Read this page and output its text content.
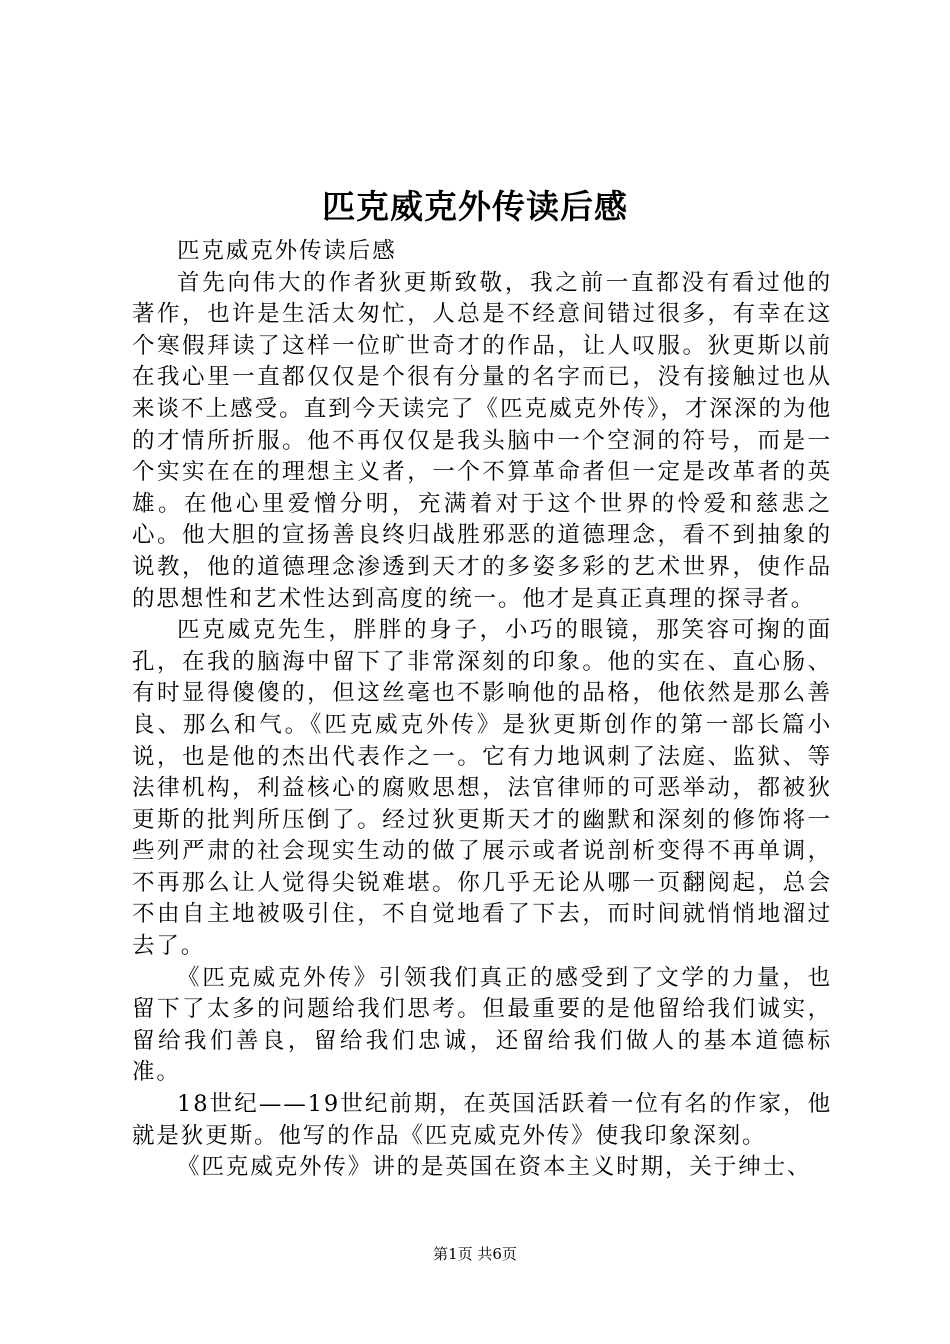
匹克威克外传读后感

匹克威克外传读后感

首先向伟大的作者狄更斯致敬，我之前一直都没有看过他的著作，也许是生活太匆忙，人总是不经意间错过很多，有幸在这个寒假拜读了这样一位旷世奇才的作品，让人叹服。狄更斯以前在我心里一直都仅仅是个很有分量的名字而已，没有接触过也从来谈不上感受。直到今天读完了《匹克威克外传》，才深深的为他的才情所折服。他不再仅仅是我头脑中一个空洞的符号，而是一个实实在在的理想主义者，一个不算革命者但一定是改革者的英雄。在他心里爱憎分明，充满着对于这个世界的怜爱和慈悲之心。他大胆的宣扬善良终归战胜邪恶的道德理念，看不到抽象的说教，他的道德理念渗透到天才的多姿多彩的艺术世界，使作品的思想性和艺术性达到高度的统一。他才是真正真理的探寻者。

匹克威克先生，胖胖的身子，小巧的眼镜，那笑容可掬的面孔，在我的脑海中留下了非常深刻的印象。他的实在、直心肠、有时显得傻傻的，但这丝毫也不影响他的品格，他依然是那么善良、那么和气。《匹克威克外传》是狄更斯创作的第一部长篇小说，也是他的杰出代表作之一。它有力地讽刺了法庭、监狱、等法律机构，利益核心的腐败思想，法官律师的可恶举动，都被狄更斯的批判所压倒了。经过狄更斯天才的幽默和深刻的修饰将一些列严肃的社会现实生动的做了展示或者说剖析变得不再单调，不再那么让人觉得尖锐难堪。你几乎无论从哪一页翻阅起，总会不由自主地被吸引住，不自觉地看了下去，而时间就悄悄地溜过去了。

《匹克威克外传》引领我们真正的感受到了文学的力量，也留下了太多的问题给我们思考。但最重要的是他留给我们诚实，留给我们善良，留给我们忠诚，还留给我们做人的基本道德标准。

18世纪——19世纪前期，在英国活跃着一位有名的作家，他就是狄更斯。他写的作品《匹克威克外传》使我印象深刻。

《匹克威克外传》讲的是英国在资本主义时期，关于绅士、

第1页 共6页
